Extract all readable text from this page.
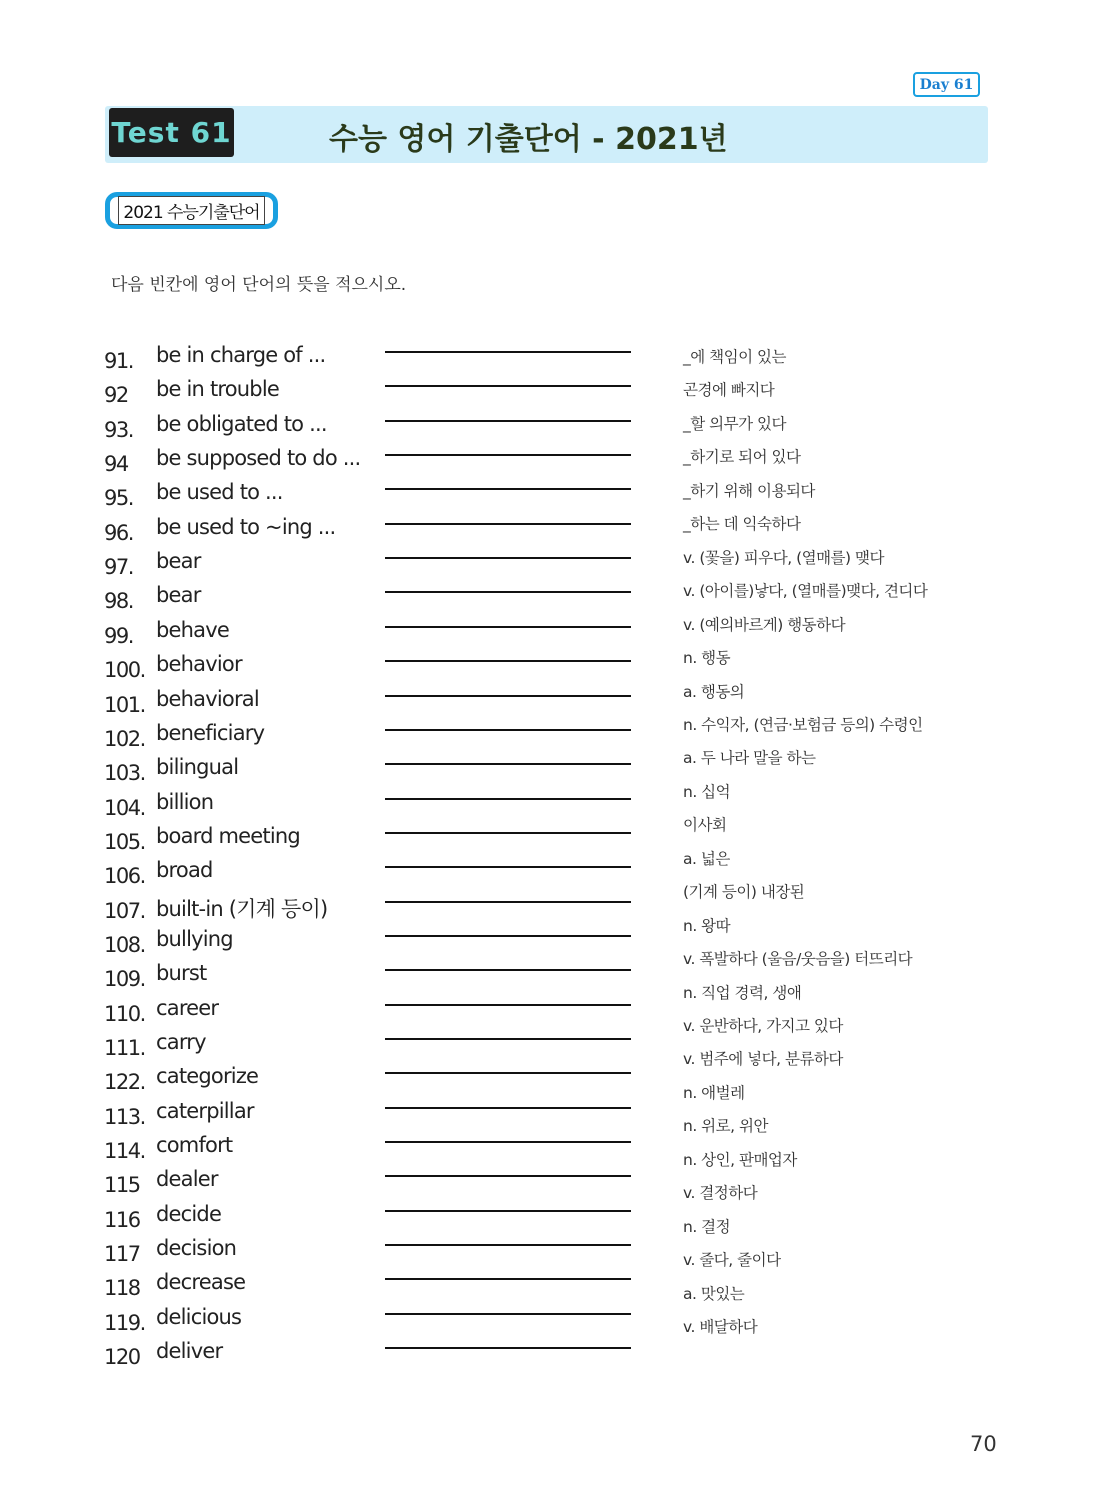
Day 61
Test 61	수능 영어 기출단어 - 2021년
2021 수능기출단어
다음 빈칸에 영어 단어의 뜻을 적으시오.
91. be in charge of ...
92 be in trouble
93. be obligated to ...
94 be supposed to do ...
95. be used to ...
96. be used to ~ing ...
97. bear
98. bear
99. behave
100. behavior
101. behavioral
102. beneficiary
103. bilingual
104. billion
105. board meeting
106. broad
107. built-in (기계 등이)
108. bullying
109. burst
110. career
111. carry
122. categorize
113. caterpillar
114. comfort
115 dealer
116 decide
117 decision
118 decrease
119. delicious
120 deliver
_에 책임이 있는
곤경에 빠지다
_할 의무가 있다
_하기로 되어 있다
_하기 위해 이용되다
_하는 데 익숙하다
v. (꽃을) 피우다, (열매를) 맺다
v. (아이를)낳다, (열매를)맺다, 견디다
v. (예의바르게) 행동하다
n. 행동
a. 행동의
n. 수익자, (연금·보험금 등의) 수령인
a. 두 나라 말을 하는
n. 십억
이사회
a. 넓은
(기계 등이) 내장된
n. 왕따
v. 폭발하다 (울음/웃음을) 터뜨리다
n. 직업 경력, 생애
v. 운반하다, 가지고 있다
v. 범주에 넣다, 분류하다
n. 애벌레
n. 위로, 위안
n. 상인, 판매업자
v. 결정하다
n. 결정
v. 줄다, 줄이다
a. 맛있는
v. 배달하다
70
